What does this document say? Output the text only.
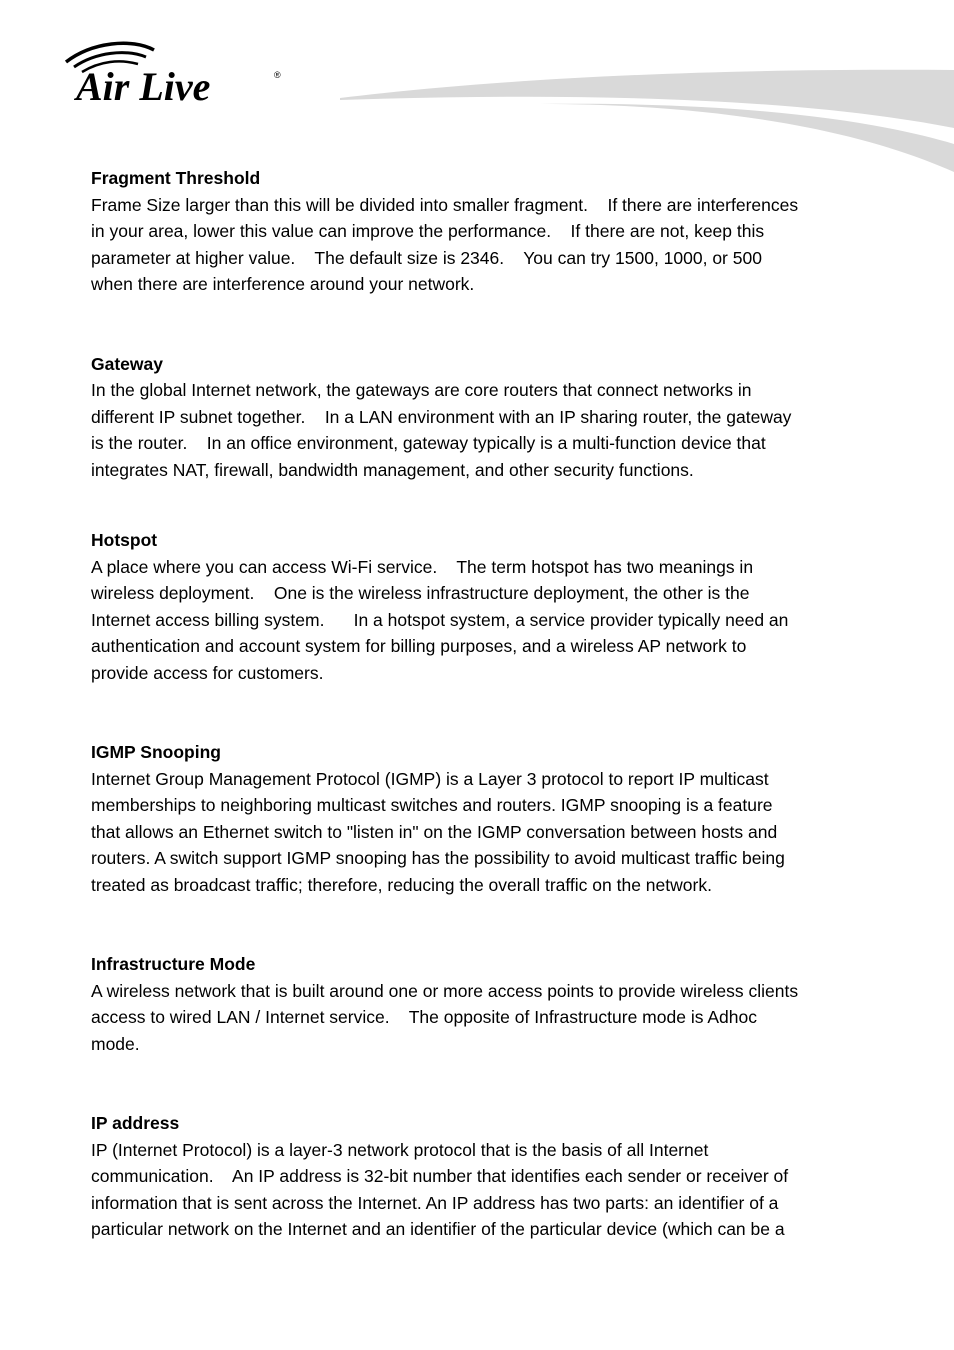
Air Live	®

Fragment Threshold

Frame Size larger than this will be divided into smaller fragment.    If there are interferences

in your area, lower this value can improve the performance.    If there are not, keep this

parameter at higher value.    The default size is 2346.    You can try 1500, 1000, or 500

when there are interference around your network.

Gateway

In the global Internet network, the gateways are core routers that connect networks in

different IP subnet together.    In a LAN environment with an IP sharing router, the gateway

is the router.    In an office environment, gateway typically is a multi-function device that

integrates NAT, firewall, bandwidth management, and other security functions.

Hotspot

A place where you can access Wi-Fi service.    The term hotspot has two meanings in

wireless deployment.    One is the wireless infrastructure deployment, the other is the

Internet access billing system.      In a hotspot system, a service provider typically need an

authentication and account system for billing purposes, and a wireless AP network to

provide access for customers.

IGMP Snooping

Internet Group Management Protocol (IGMP) is a Layer 3 protocol to report IP multicast

memberships to neighboring multicast switches and routers. IGMP snooping is a feature

that allows an Ethernet switch to "listen in" on the IGMP conversation between hosts and

routers. A switch support IGMP snooping has the possibility to avoid multicast traffic being

treated as broadcast traffic; therefore, reducing the overall traffic on the network.

Infrastructure Mode

A wireless network that is built around one or more access points to provide wireless clients

access to wired LAN / Internet service.    The opposite of Infrastructure mode is Adhoc

mode.

IP address

IP (Internet Protocol) is a layer-3 network protocol that is the basis of all Internet

communication.    An IP address is 32-bit number that identifies each sender or receiver of

information that is sent across the Internet. An IP address has two parts: an identifier of a

particular network on the Internet and an identifier of the particular device (which can be a
